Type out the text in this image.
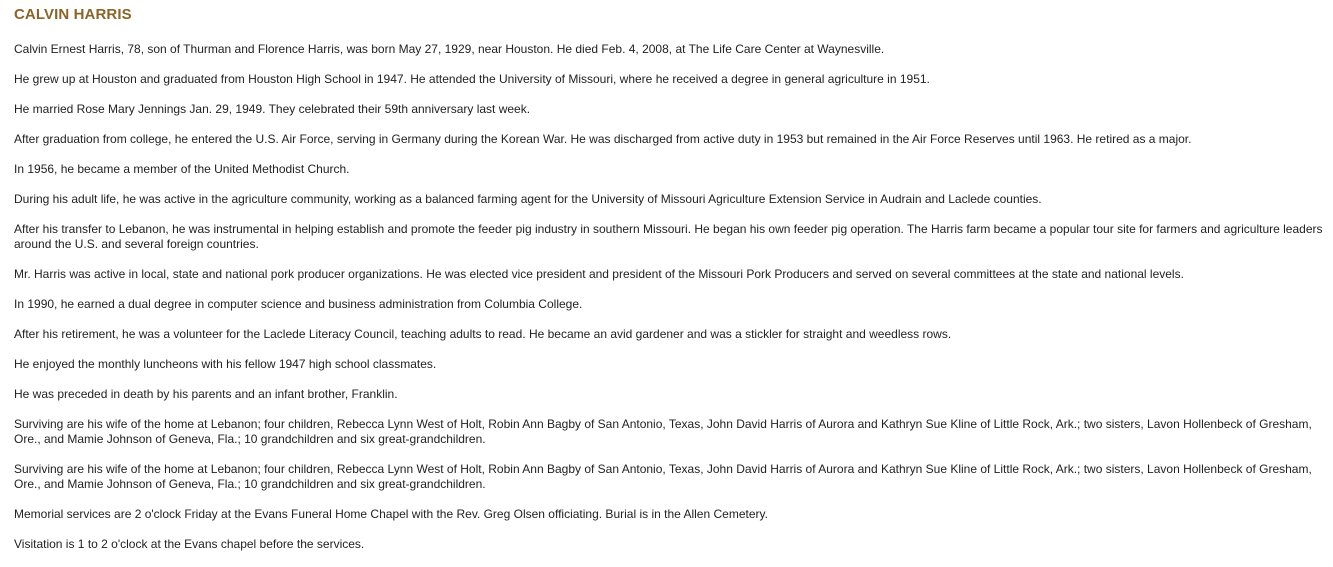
CALVIN HARRIS

Calvin Ernest Harris, 78, son of Thurman and Florence Harris, was born May 27, 1929, near Houston. He died Feb. 4, 2008, at The Life Care Center at Waynesville.

He grew up at Houston and graduated from Houston High School in 1947. He attended the University of Missouri, where he received a degree in general agriculture in 1951.

He married Rose Mary Jennings Jan. 29, 1949. They celebrated their 59th anniversary last week.

After graduation from college, he entered the U.S. Air Force, serving in Germany during the Korean War. He was discharged from active duty in 1953 but remained in the Air Force Reserves until 1963. He retired as a major.

In 1956, he became a member of the United Methodist Church.

During his adult life, he was active in the agriculture community, working as a balanced farming agent for the University of Missouri Agriculture Extension Service in Audrain and Laclede counties.

After his transfer to Lebanon, he was instrumental in helping establish and promote the feeder pig industry in southern Missouri. He began his own feeder pig operation. The Harris farm became a popular tour site for farmers and agriculture leaders around the U.S. and several foreign countries.

Mr. Harris was active in local, state and national pork producer organizations. He was elected vice president and president of the Missouri Pork Producers and served on several committees at the state and national levels.

In 1990, he earned a dual degree in computer science and business administration from Columbia College.

After his retirement, he was a volunteer for the Laclede Literacy Council, teaching adults to read. He became an avid gardener and was a stickler for straight and weedless rows.

He enjoyed the monthly luncheons with his fellow 1947 high school classmates.

He was preceded in death by his parents and an infant brother, Franklin.

Surviving are his wife of the home at Lebanon; four children, Rebecca Lynn West of Holt, Robin Ann Bagby of San Antonio, Texas, John David Harris of Aurora and Kathryn Sue Kline of Little Rock, Ark.; two sisters, Lavon Hollenbeck of Gresham, Ore., and Mamie Johnson of Geneva, Fla.; 10 grandchildren and six great-grandchildren.

Surviving are his wife of the home at Lebanon; four children, Rebecca Lynn West of Holt, Robin Ann Bagby of San Antonio, Texas, John David Harris of Aurora and Kathryn Sue Kline of Little Rock, Ark.; two sisters, Lavon Hollenbeck of Gresham, Ore., and Mamie Johnson of Geneva, Fla.; 10 grandchildren and six great-grandchildren.

Memorial services are 2 o'clock Friday at the Evans Funeral Home Chapel with the Rev. Greg Olsen officiating. Burial is in the Allen Cemetery.

Visitation is 1 to 2 o'clock at the Evans chapel before the services.
